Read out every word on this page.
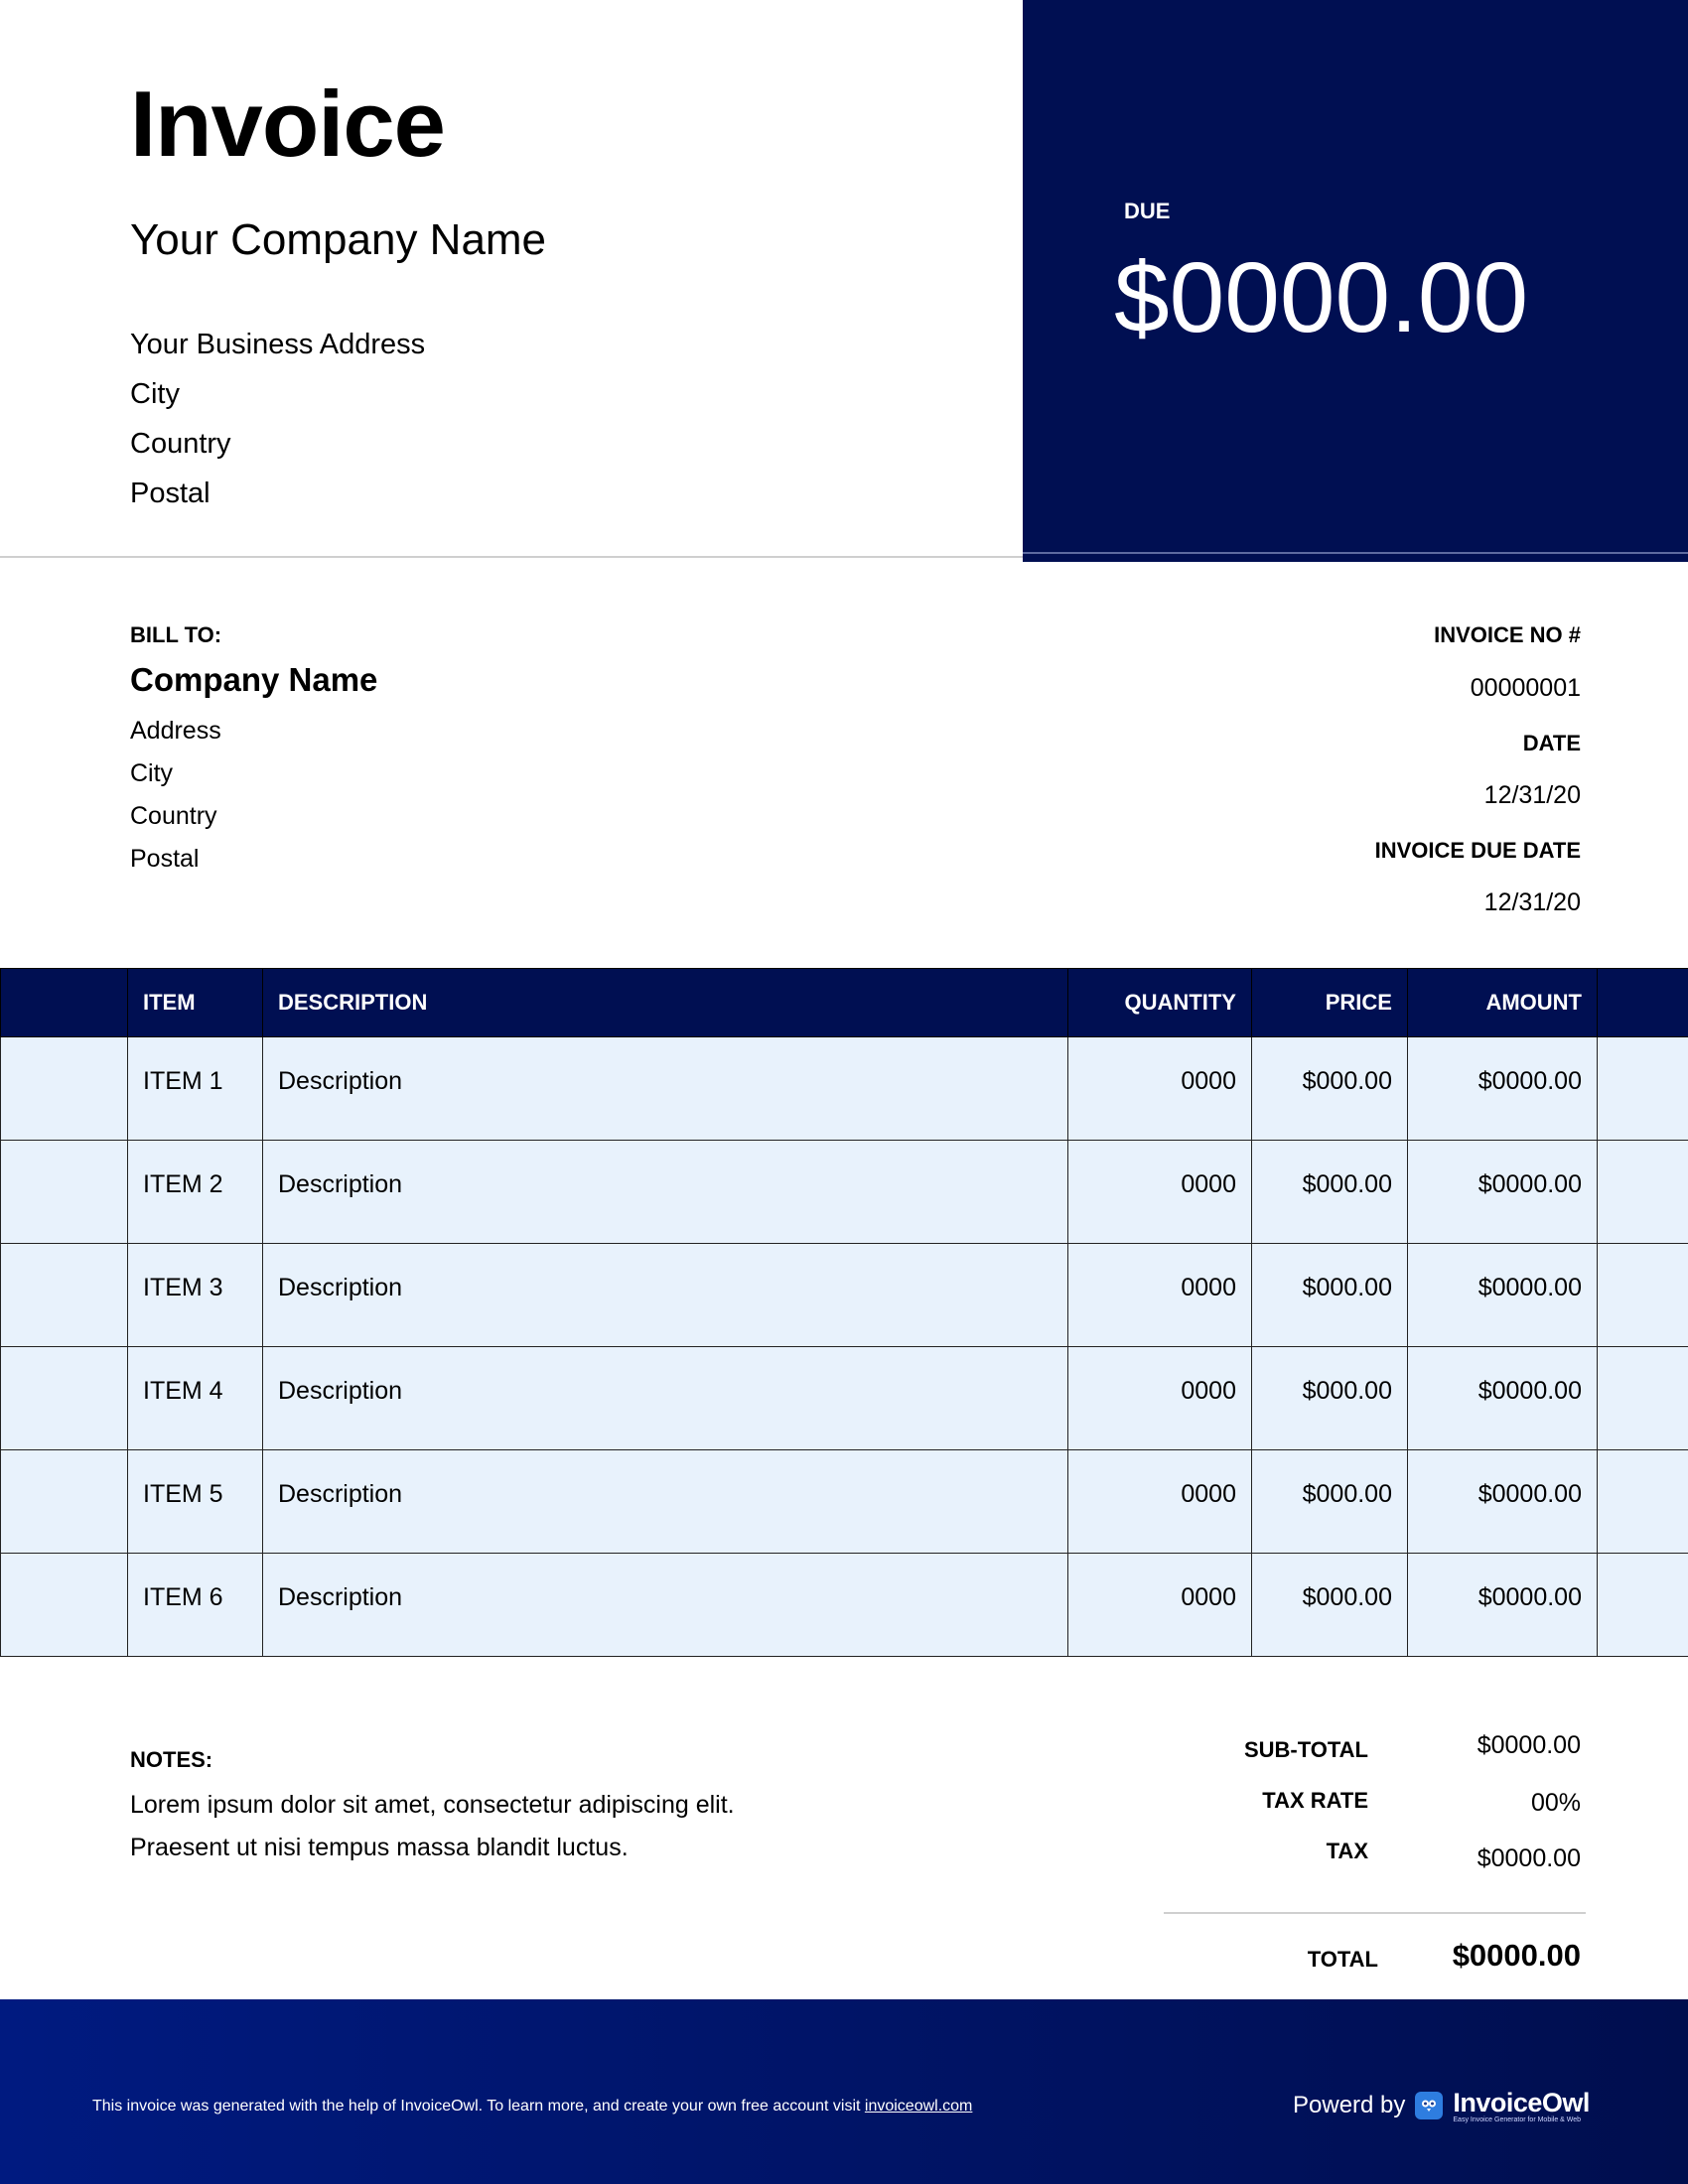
Invoice
Your Company Name
Your Business Address
City
Country
Postal
DUE
$0000.00
BILL TO:
Company Name
Address
City
Country
Postal
INVOICE NO #
00000001
DATE
12/31/20
INVOICE DUE DATE
12/31/20
	ITEM	DESCRIPTION	QUANTITY	PRICE	AMOUNT	
	ITEM 1	Description	0000	$000.00	$0000.00	
	ITEM 2	Description	0000	$000.00	$0000.00	
	ITEM 3	Description	0000	$000.00	$0000.00	
	ITEM 4	Description	0000	$000.00	$0000.00	
	ITEM 5	Description	0000	$000.00	$0000.00	
	ITEM 6	Description	0000	$000.00	$0000.00	
NOTES:
Lorem ipsum dolor sit amet, consectetur adipiscing elit.
Praesent ut nisi tempus massa blandit luctus.
SUB-TOTAL	$0000.00
TAX RATE	00%
TAX	$0000.00
TOTAL $0000.00
This invoice was generated with the help of InvoiceOwl. To learn more, and create your own free account visit invoiceowl.com	Powerd by InvoiceOwl
Easy Invoice Generator for Mobile & Web
